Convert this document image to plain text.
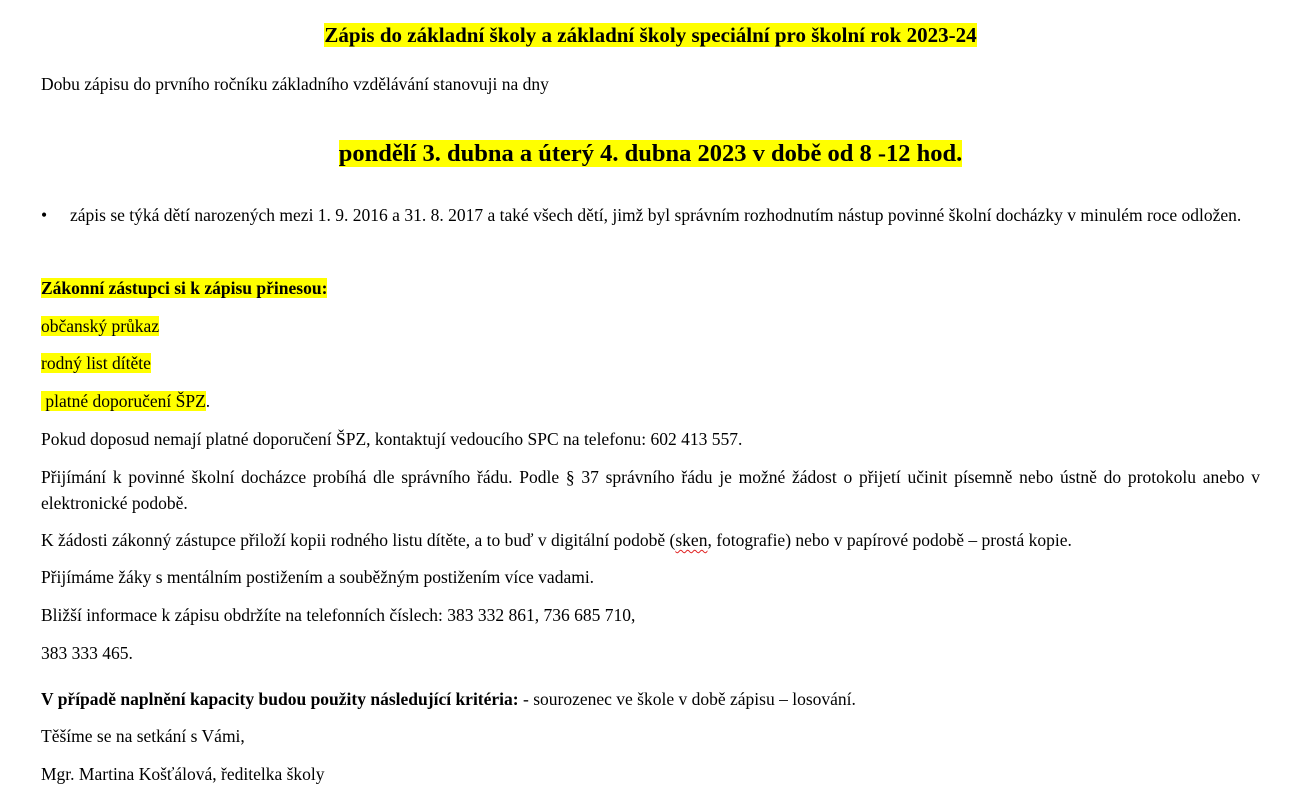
Zápis do základní školy a základní školy speciální pro školní rok 2023-24
Dobu zápisu do prvního ročníku základního vzdělávání stanovuji na dny
pondělí 3. dubna a úterý 4. dubna 2023 v době od 8 -12 hod.
• zápis se týká dětí narozených mezi 1. 9. 2016 a 31. 8. 2017 a také všech dětí, jimž byl správním rozhodnutím nástup povinné školní docházky v minulém roce odložen.
Zákonní zástupci si k zápisu přinesou:
občanský průkaz
rodný list dítěte
platné doporučení ŠPZ.
Pokud doposud nemají platné doporučení ŠPZ, kontaktují vedoucího SPC na telefonu: 602 413 557.
Přijímání k povinné školní docházce probíhá dle správního řádu. Podle § 37 správního řádu je možné žádost o přijetí učinit písemně nebo ústně do protokolu anebo v elektronické podobě.
K žádosti zákonný zástupce přiloží kopii rodného listu dítěte, a to buď v digitální podobě (sken, fotografie) nebo v papírové podobě – prostá kopie.
Přijímáme žáky s mentálním postižením a souběžným postižením více vadami.
Bližší informace k zápisu obdržíte na telefonních číslech: 383 332 861, 736 685 710,
383 333 465.
V případě naplnění kapacity budou použity následující kritéria: - sourozenec ve škole v době zápisu – losování.
Těšíme se na setkání s Vámi,
Mgr. Martina Košťálová, ředitelka školy
